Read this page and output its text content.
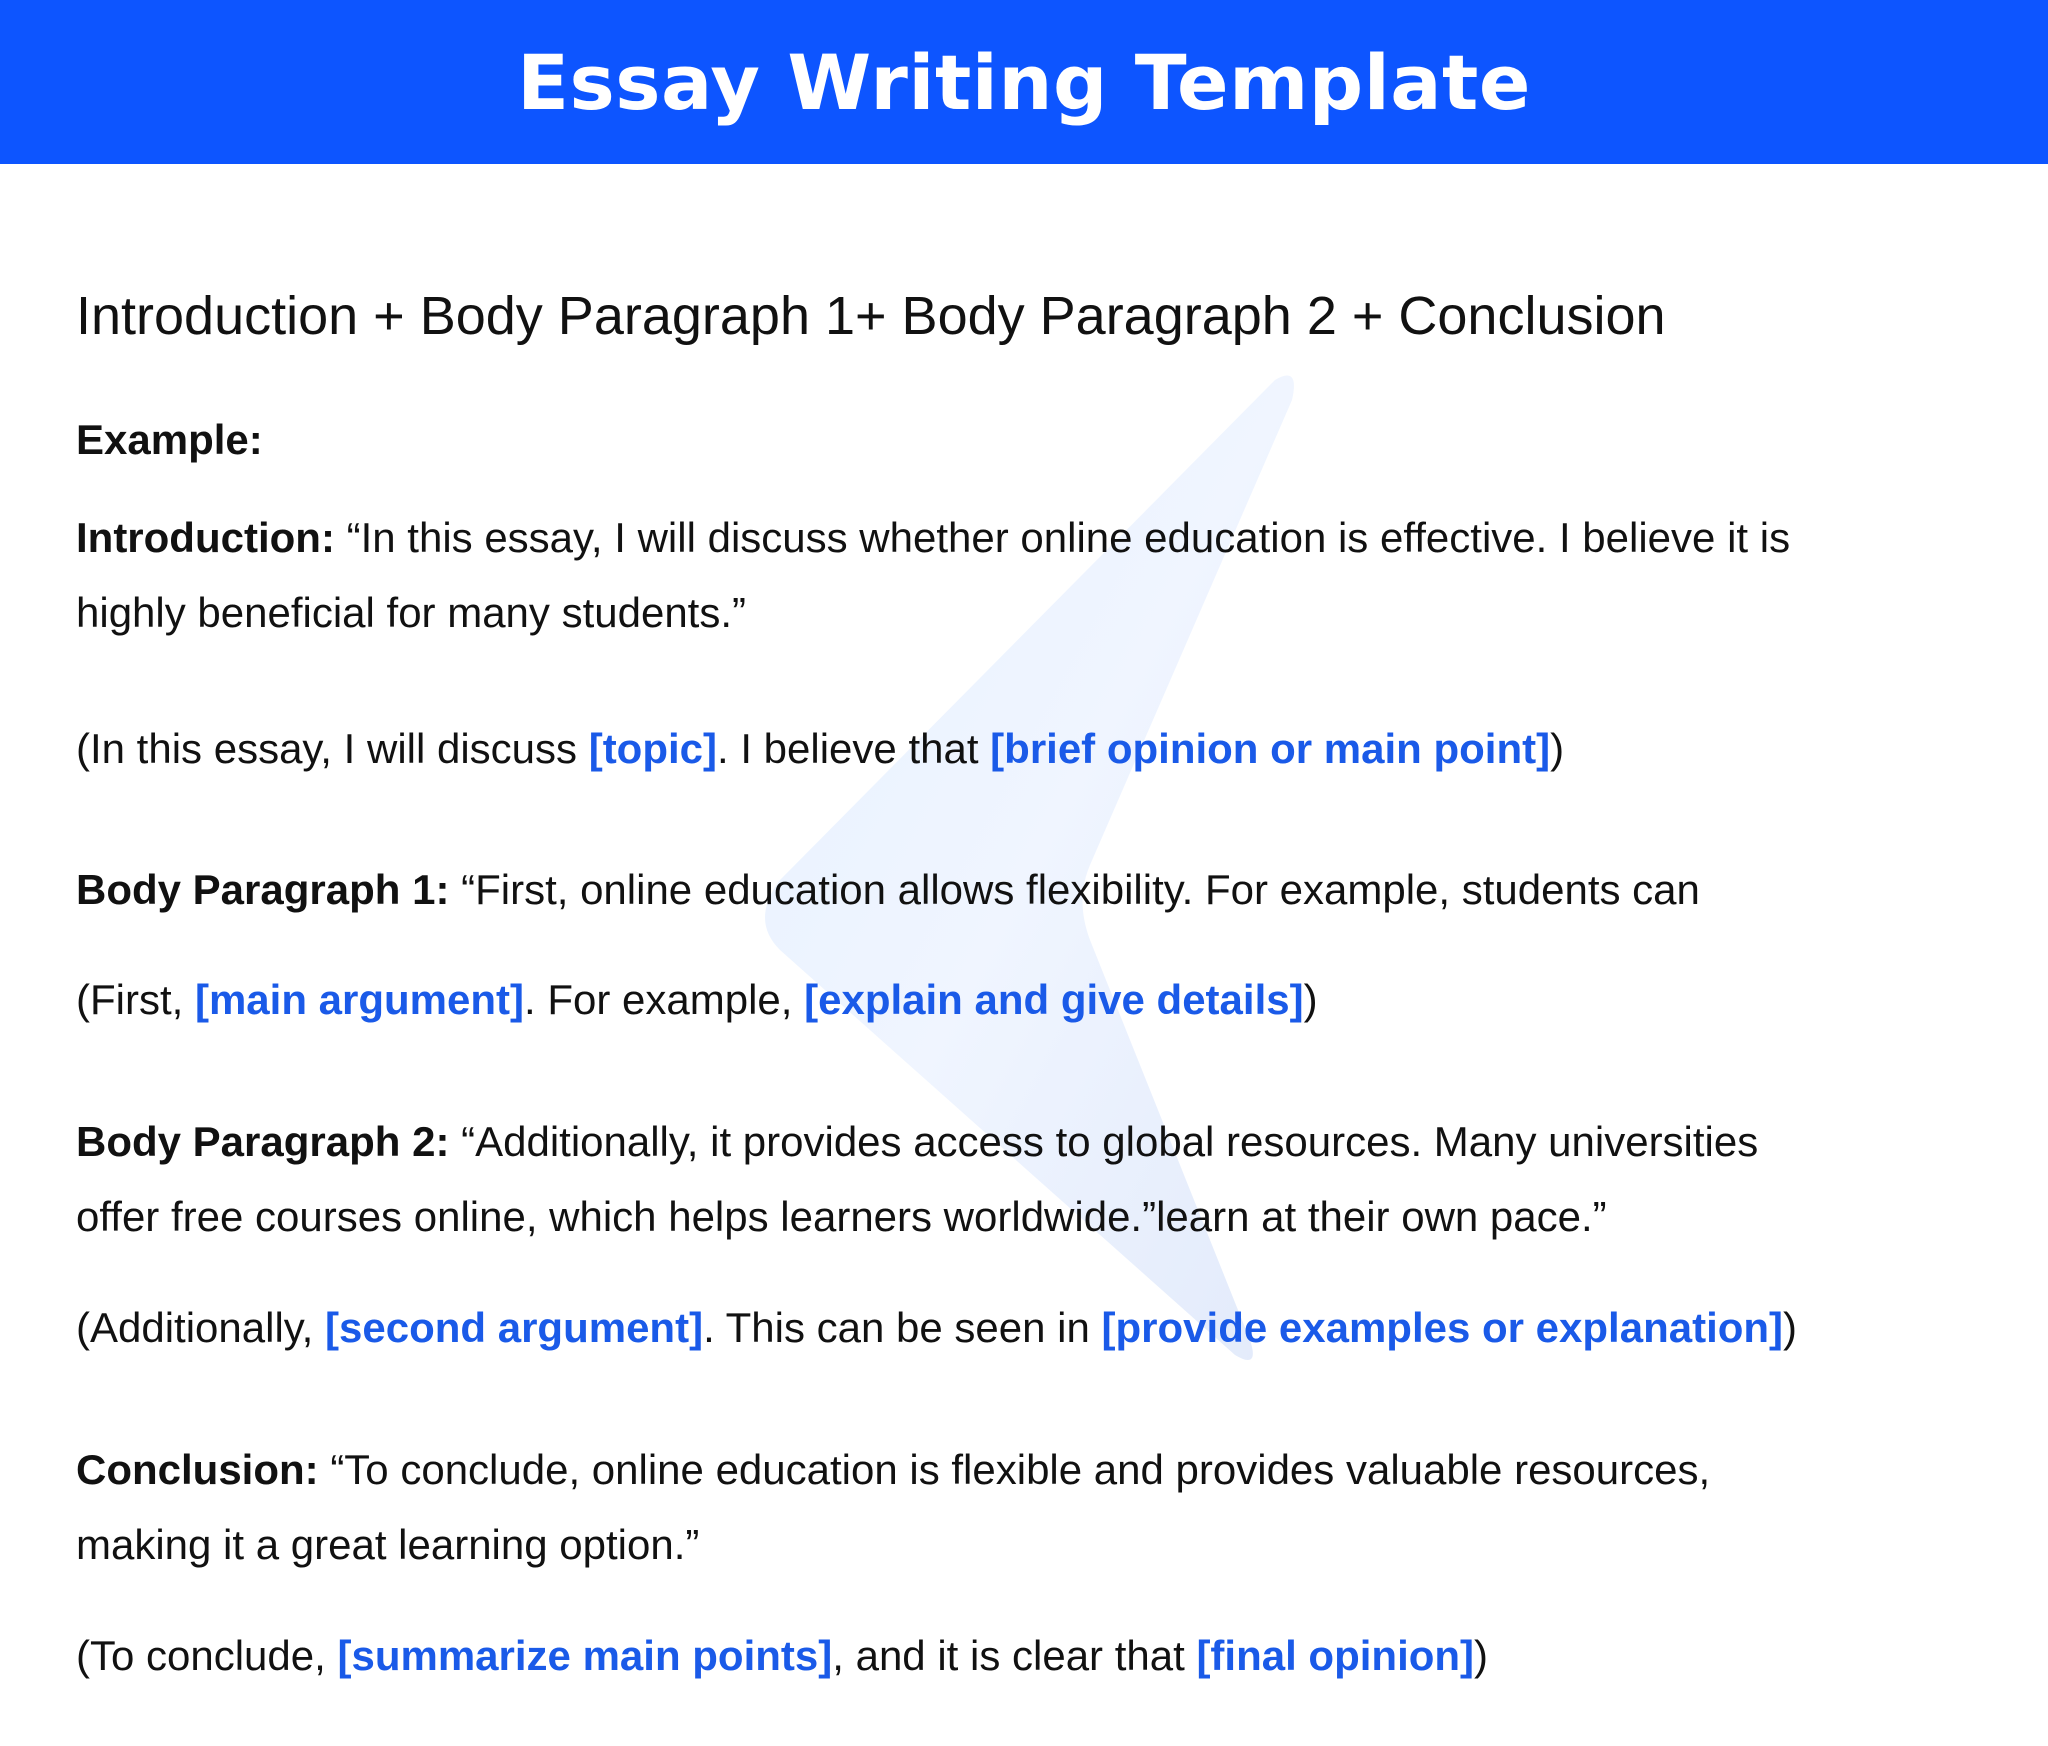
Essay Writing Template
Introduction + Body Paragraph 1+ Body Paragraph 2 + Conclusion
Example:
Introduction: “In this essay, I will discuss whether online education is effective. I believe it is
highly beneficial for many students.”
(In this essay, I will discuss [topic]. I believe that [brief opinion or main point])
Body Paragraph 1: “First, online education allows flexibility. For example, students can
(First, [main argument]. For example, [explain and give details])
Body Paragraph 2: “Additionally, it provides access to global resources. Many universities
offer free courses online, which helps learners worldwide.”learn at their own pace.”
(Additionally, [second argument]. This can be seen in [provide examples or explanation])
Conclusion: “To conclude, online education is flexible and provides valuable resources,
making it a great learning option.”
(To conclude, [summarize main points], and it is clear that [final opinion])
